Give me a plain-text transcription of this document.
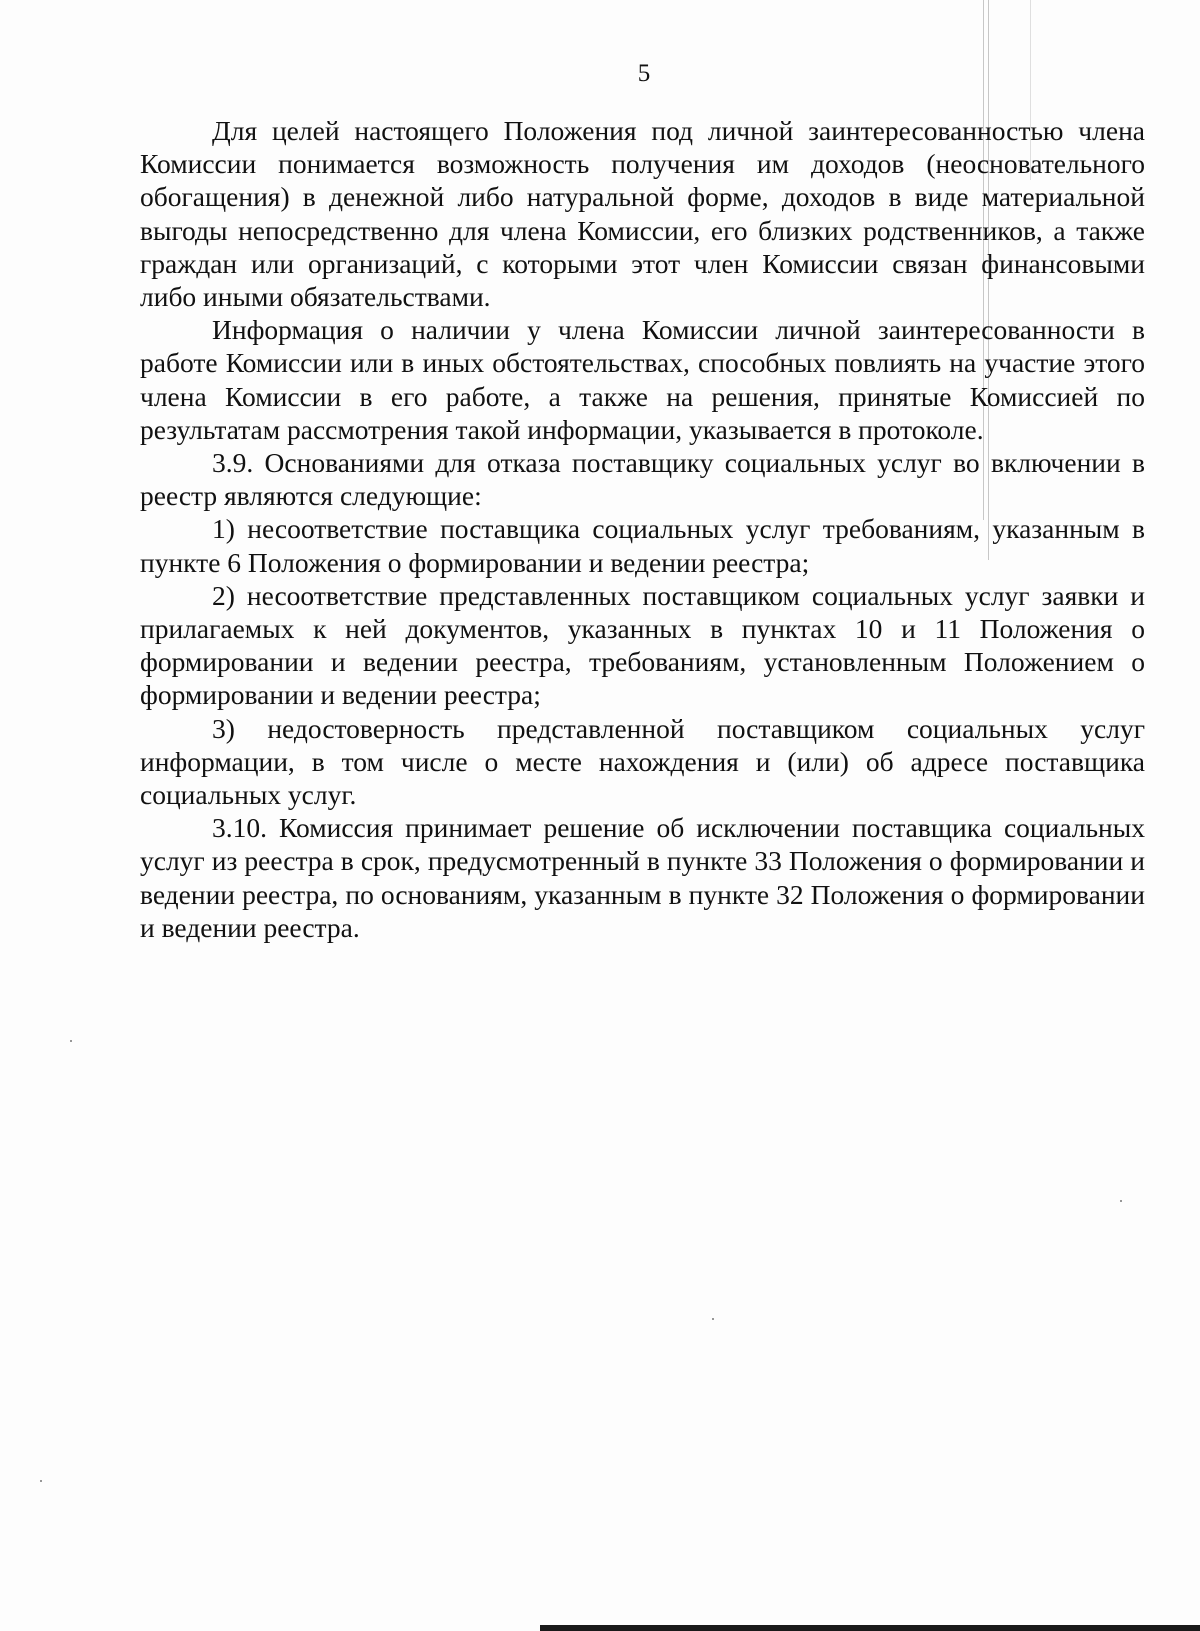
5

Для целей настоящего Положения под личной заинтересованностью члена Комиссии понимается возможность получения им доходов (неосновательного обогащения) в денежной либо натуральной форме, доходов в виде материальной выгоды непосредственно для члена Комиссии, его близких родственников, а также граждан или организаций, с которыми этот член Комиссии связан финансовыми либо иными обязательствами.

Информация о наличии у члена Комиссии личной заинтересованности в работе Комиссии или в иных обстоятельствах, способных повлиять на участие этого члена Комиссии в его работе, а также на решения, принятые Комиссией по результатам рассмотрения такой информации, указывается в протоколе.

3.9. Основаниями для отказа поставщику социальных услуг во включении в реестр являются следующие:

1) несоответствие поставщика социальных услуг требованиям, указанным в пункте 6 Положения о формировании и ведении реестра;

2) несоответствие представленных поставщиком социальных услуг заявки и прилагаемых к ней документов, указанных в пунктах 10 и 11 Положения о формировании и ведении реестра, требованиям, установленным Положением о формировании и ведении реестра;

3) недостоверность представленной поставщиком социальных услуг информации, в том числе о месте нахождения и (или) об адресе поставщика социальных услуг.

3.10. Комиссия принимает решение об исключении поставщика социальных услуг из реестра в срок, предусмотренный в пункте 33 Положения о формировании и ведении реестра, по основаниям, указанным в пункте 32 Положения о формировании и ведении реестра.
